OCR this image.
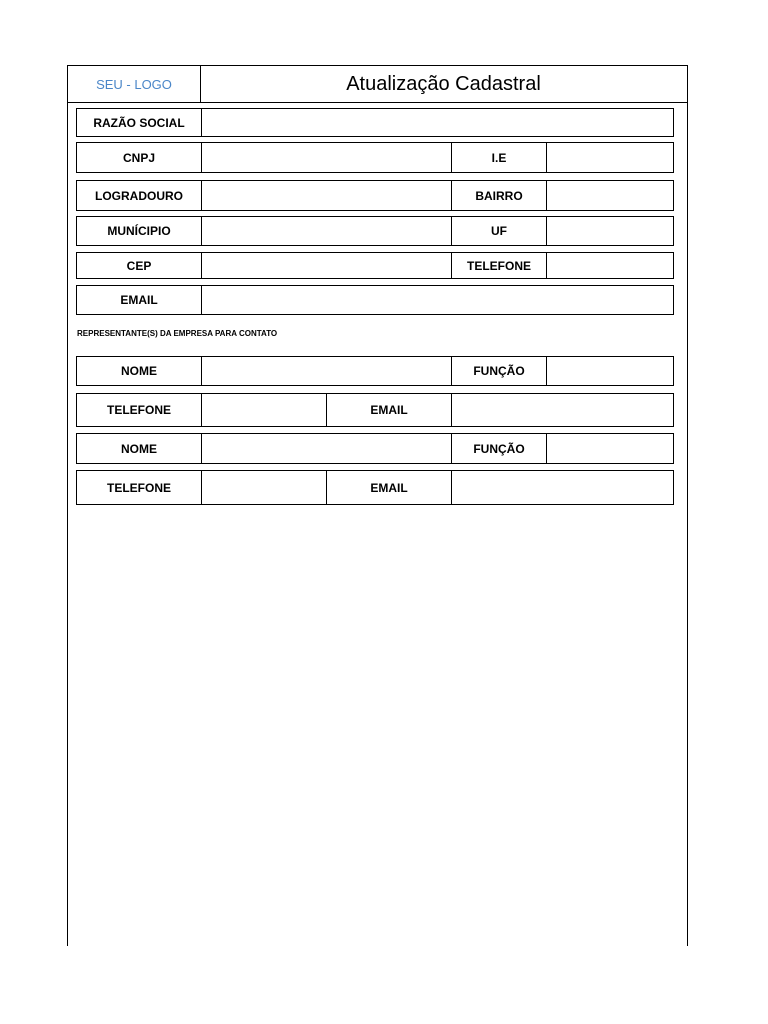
SEU - LOGO	Atualização Cadastral
RAZÃO SOCIAL
CNPJ	I.E
LOGRADOURO	BAIRRO
MUNÍCIPIO	UF
CEP	TELEFONE
EMAIL
REPRESENTANTE(S) DA EMPRESA PARA CONTATO
NOME	FUNÇÃO
TELEFONE	EMAIL
NOME	FUNÇÃO
TELEFONE	EMAIL
